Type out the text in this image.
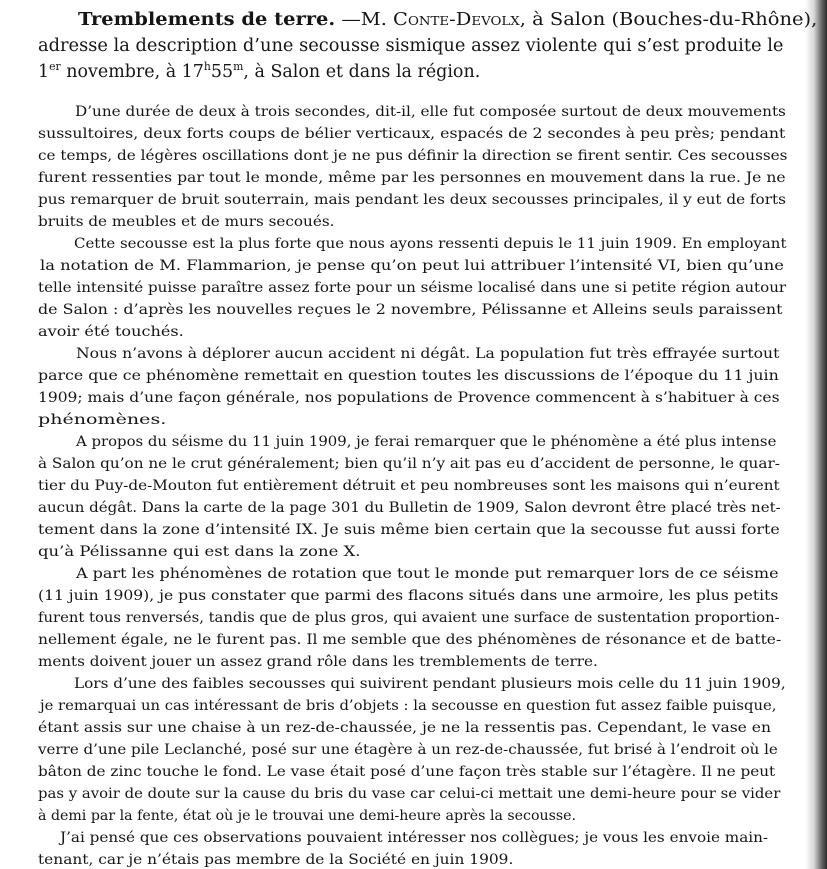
Tremblements de terre. —M. Conte-Devolx, à Salon (Bouches-du-Rhône),
adresse la description d’une secousse sismique assez violente qui s’est produite le
1er novembre, à 17$^h$55$^m$, à Salon et dans la région.
D’une durée de deux à trois secondes, dit-il, elle fut composée surtout de deux mouvements
sussultoires, deux forts coups de bélier verticaux, espacés de 2 secondes à peu près; pendant
ce temps, de légères oscillations dont je ne pus définir la direction se firent sentir. Ces secousses
furent ressenties par tout le monde, même par les personnes en mouvement dans la rue. Je ne
pus remarquer de bruit souterrain, mais pendant les deux secousses principales, il y eut de forts
bruits de meubles et de murs secoués.
Cette secousse est la plus forte que nous ayons ressenti depuis le 11 juin 1909. En employant
la notation de M. Flammarion, je pense qu’on peut lui attribuer l’intensité VI, bien qu’une
telle intensité puisse paraître assez forte pour un séisme localisé dans une si petite région autour
de Salon : d’après les nouvelles reçues le 2 novembre, Pélissanne et Alleins seuls paraissent
avoir été touchés.
Nous n’avons à déplorer aucun accident ni dégât. La population fut très effrayée surtout
parce que ce phénomène remettait en question toutes les discussions de l’époque du 11 juin
1909; mais d’une façon générale, nos populations de Provence commencent à s’habituer à ces
phénomènes.
A propos du séisme du 11 juin 1909, je ferai remarquer que le phénomène a été plus intense
à Salon qu’on ne le crut généralement; bien qu’il n’y ait pas eu d’accident de personne, le quar-
tier du Puy-de-Mouton fut entièrement détruit et peu nombreuses sont les maisons qui n’eurent
aucun dégât. Dans la carte de la page 301 du Bulletin de 1909, Salon devront être placé très net-
tement dans la zone d’intensité IX. Je suis même bien certain que la secousse fut aussi forte
qu’à Pélissanne qui est dans la zone X.
A part les phénomènes de rotation que tout le monde put remarquer lors de ce séisme
(11 juin 1909), je pus constater que parmi des flacons situés dans une armoire, les plus petits
furent tous renversés, tandis que de plus gros, qui avaient une surface de sustentation proportion-
nellement égale, ne le furent pas. Il me semble que des phénomènes de résonance et de batte-
ments doivent jouer un assez grand rôle dans les tremblements de terre.
Lors d’une des faibles secousses qui suivirent pendant plusieurs mois celle du 11 juin 1909,
je remarquai un cas intéressant de bris d’objets : la secousse en question fut assez faible puisque,
étant assis sur une chaise à un rez-de-chaussée, je ne la ressentis pas. Cependant, le vase en
verre d’une pile Leclanché, posé sur une étagère à un rez-de-chaussée, fut brisé à l’endroit où le
bâton de zinc touche le fond. Le vase était posé d’une façon très stable sur l’étagère. Il ne peut
pas y avoir de doute sur la cause du bris du vase car celui-ci mettait une demi-heure pour se vider
à demi par la fente, état où je le trouvai une demi-heure après la secousse.
J’ai pensé que ces observations pouvaient intéresser nos collègues; je vous les envoie main-
tenant, car je n’étais pas membre de la Société en juin 1909.
